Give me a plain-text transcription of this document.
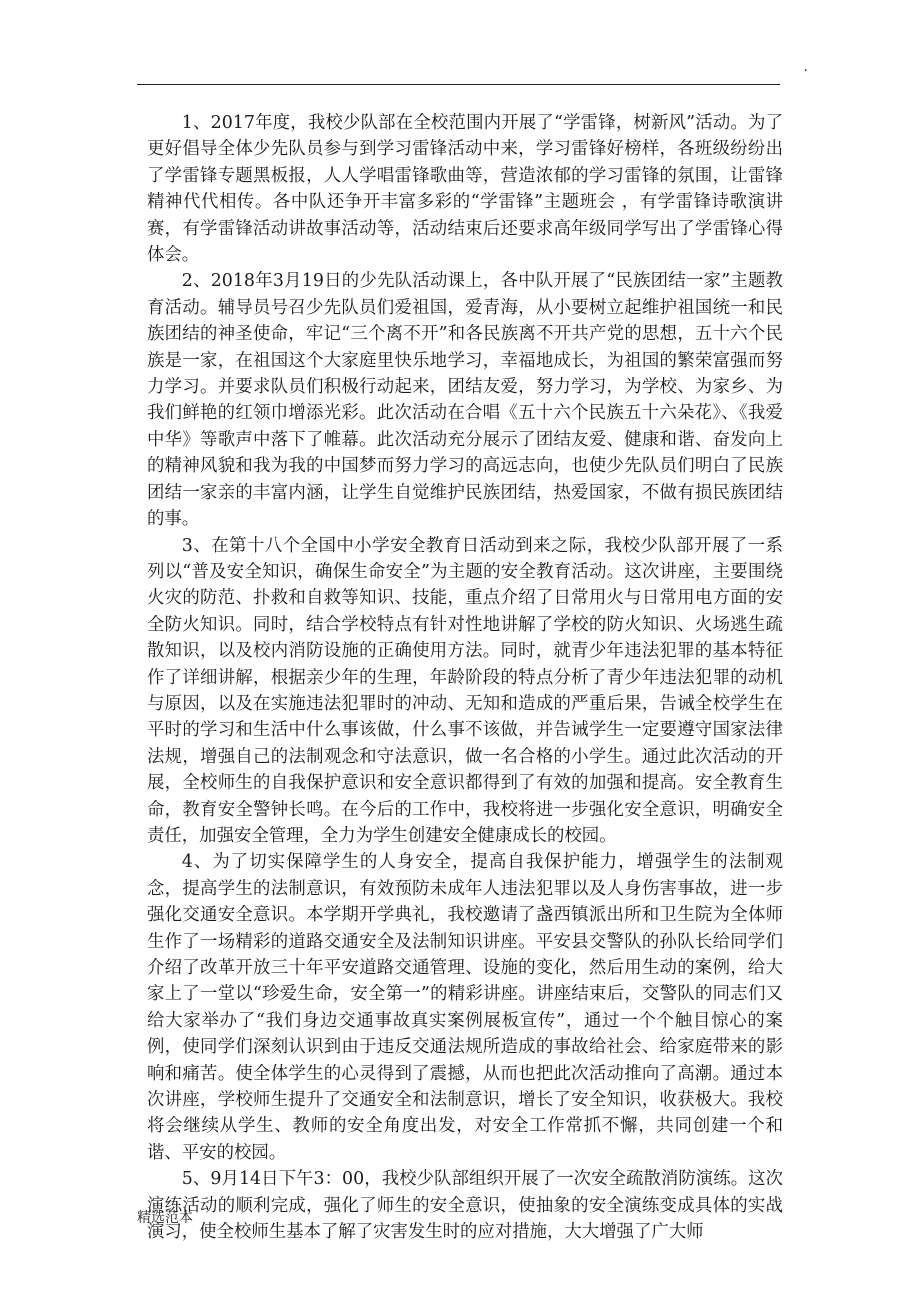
.

1、2017年度，我校少队部在全校范围内开展了“学雷锋，树新风”活动。为了更好倡导全体少先队员参与到学习雷锋活动中来，学习雷锋好榜样，各班级纷纷出了学雷锋专题黑板报，人人学唱雷锋歌曲等，营造浓郁的学习雷锋的氛围，让雷锋精神代代相传。各中队还争开丰富多彩的“学雷锋”主题班会 ，有学雷锋诗歌演讲赛，有学雷锋活动讲故事活动等，活动结束后还要求高年级同学写出了学雷锋心得体会。

2、2018年3月19日的少先队活动课上，各中队开展了“民族团结一家”主题教育活动。辅导员号召少先队员们爱祖国，爱青海，从小要树立起维护祖国统一和民族团结的神圣使命，牢记“三个离不开”和各民族离不开共产党的思想，五十六个民族是一家，在祖国这个大家庭里快乐地学习，幸福地成长，为祖国的繁荣富强而努力学习。并要求队员们积极行动起来，团结友爱，努力学习，为学校、为家乡、为我们鲜艳的红领巾增添光彩。此次活动在合唱《五十六个民族五十六朵花》、《我爱中华》等歌声中落下了帷幕。此次活动充分展示了团结友爱、健康和谐、奋发向上的精神风貌和我为我的中国梦而努力学习的高远志向，也使少先队员们明白了民族团结一家亲的丰富内涵，让学生自觉维护民族团结，热爱国家，不做有损民族团结的事。

3、在第十八个全国中小学安全教育日活动到来之际，我校少队部开展了一系列以“普及安全知识，确保生命安全”为主题的安全教育活动。这次讲座，主要围绕火灾的防范、扑救和自救等知识、技能，重点介绍了日常用火与日常用电方面的安全防火知识。同时，结合学校特点有针对性地讲解了学校的防火知识、火场逃生疏散知识，以及校内消防设施的正确使用方法。同时，就青少年违法犯罪的基本特征作了详细讲解，根据亲少年的生理，年龄阶段的特点分析了青少年违法犯罪的动机与原因，以及在实施违法犯罪时的冲动、无知和造成的严重后果，告诫全校学生在平时的学习和生活中什么事该做，什么事不该做，并告诫学生一定要遵守国家法律法规，增强自己的法制观念和守法意识，做一名合格的小学生。通过此次活动的开展，全校师生的自我保护意识和安全意识都得到了有效的加强和提高。安全教育生命，教育安全警钟长鸣。在今后的工作中，我校将进一步强化安全意识，明确安全责任，加强安全管理，全力为学生创建安全健康成长的校园。

4、为了切实保障学生的人身安全，提高自我保护能力，增强学生的法制观念，提高学生的法制意识，有效预防未成年人违法犯罪以及人身伤害事故，进一步强化交通安全意识。本学期开学典礼，我校邀请了盏西镇派出所和卫生院为全体师生作了一场精彩的道路交通安全及法制知识讲座。平安县交警队的孙队长给同学们介绍了改革开放三十年平安道路交通管理、设施的变化，然后用生动的案例，给大家上了一堂以“珍爱生命，安全第一”的精彩讲座。讲座结束后，交警队的同志们又给大家举办了“我们身边交通事故真实案例展板宣传”，通过一个个触目惊心的案例，使同学们深刻认识到由于违反交通法规所造成的事故给社会、给家庭带来的影响和痛苦。使全体学生的心灵得到了震撼，从而也把此次活动推向了高潮。通过本次讲座，学校师生提升了交通安全和法制意识，增长了安全知识，收获极大。我校将会继续从学生、教师的安全角度出发，对安全工作常抓不懈，共同创建一个和谐、平安的校园。

5、9月14日下午3：00，我校少队部组织开展了一次安全疏散消防演练。这次演练活动的顺利完成，强化了师生的安全意识，使抽象的安全演练变成具体的实战演习，使全校师生基本了解了灾害发生时的应对措施，大大增强了广大师

精选范本
